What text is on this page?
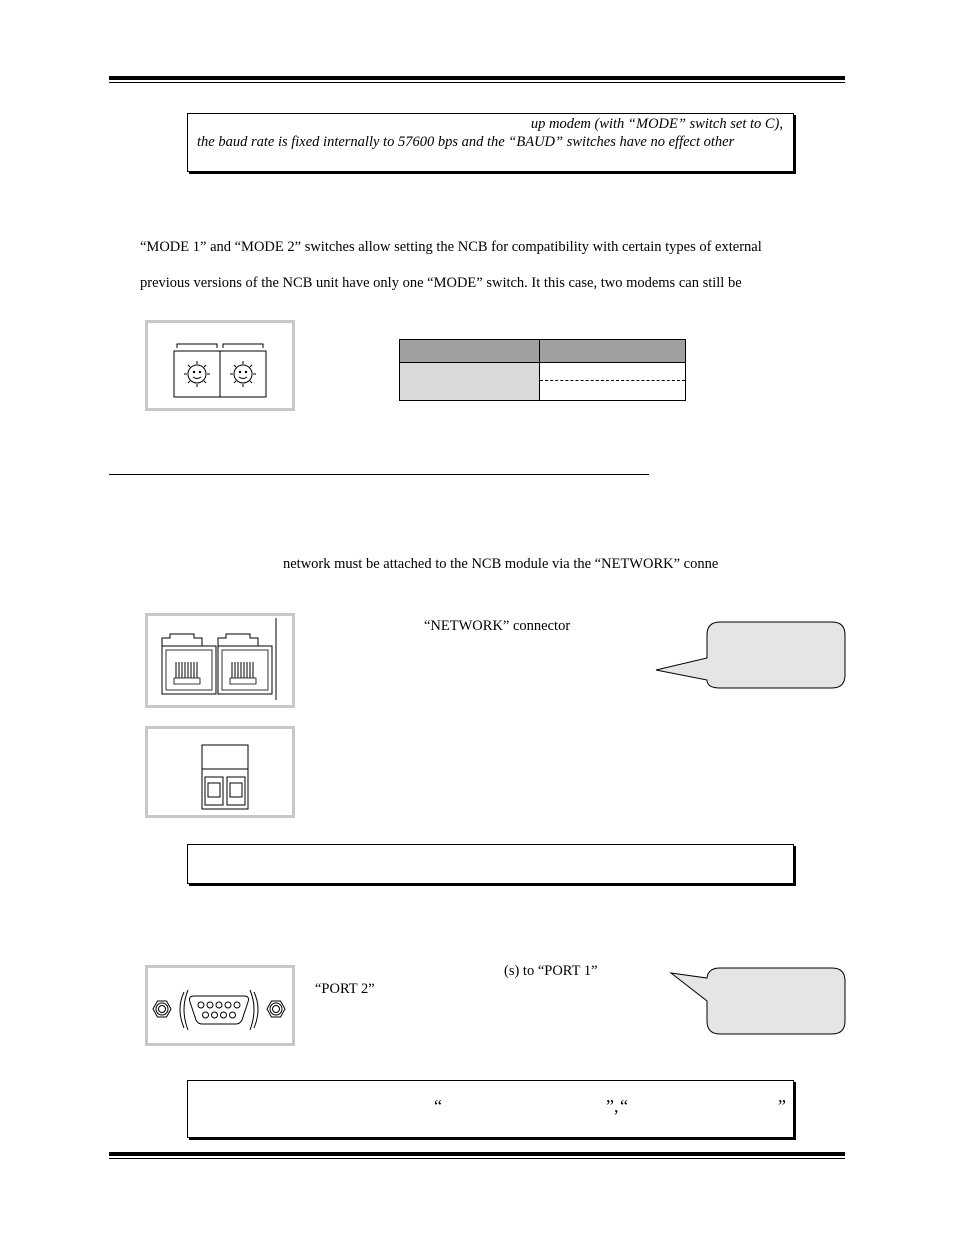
up modem (with “MODE” switch set to C),
the baud rate is fixed internally to 57600 bps and the “BAUD” switches have no effect other
“MODE 1” and “MODE 2” switches allow setting the NCB for compatibility with certain types of external
previous versions of the NCB unit have only one “MODE” switch. It this case, two modems can still be
network must be attached to the NCB module via the “NETWORK” conne
“NETWORK” connector
(s) to “PORT 1”
“PORT 2”
“	”, “	”
